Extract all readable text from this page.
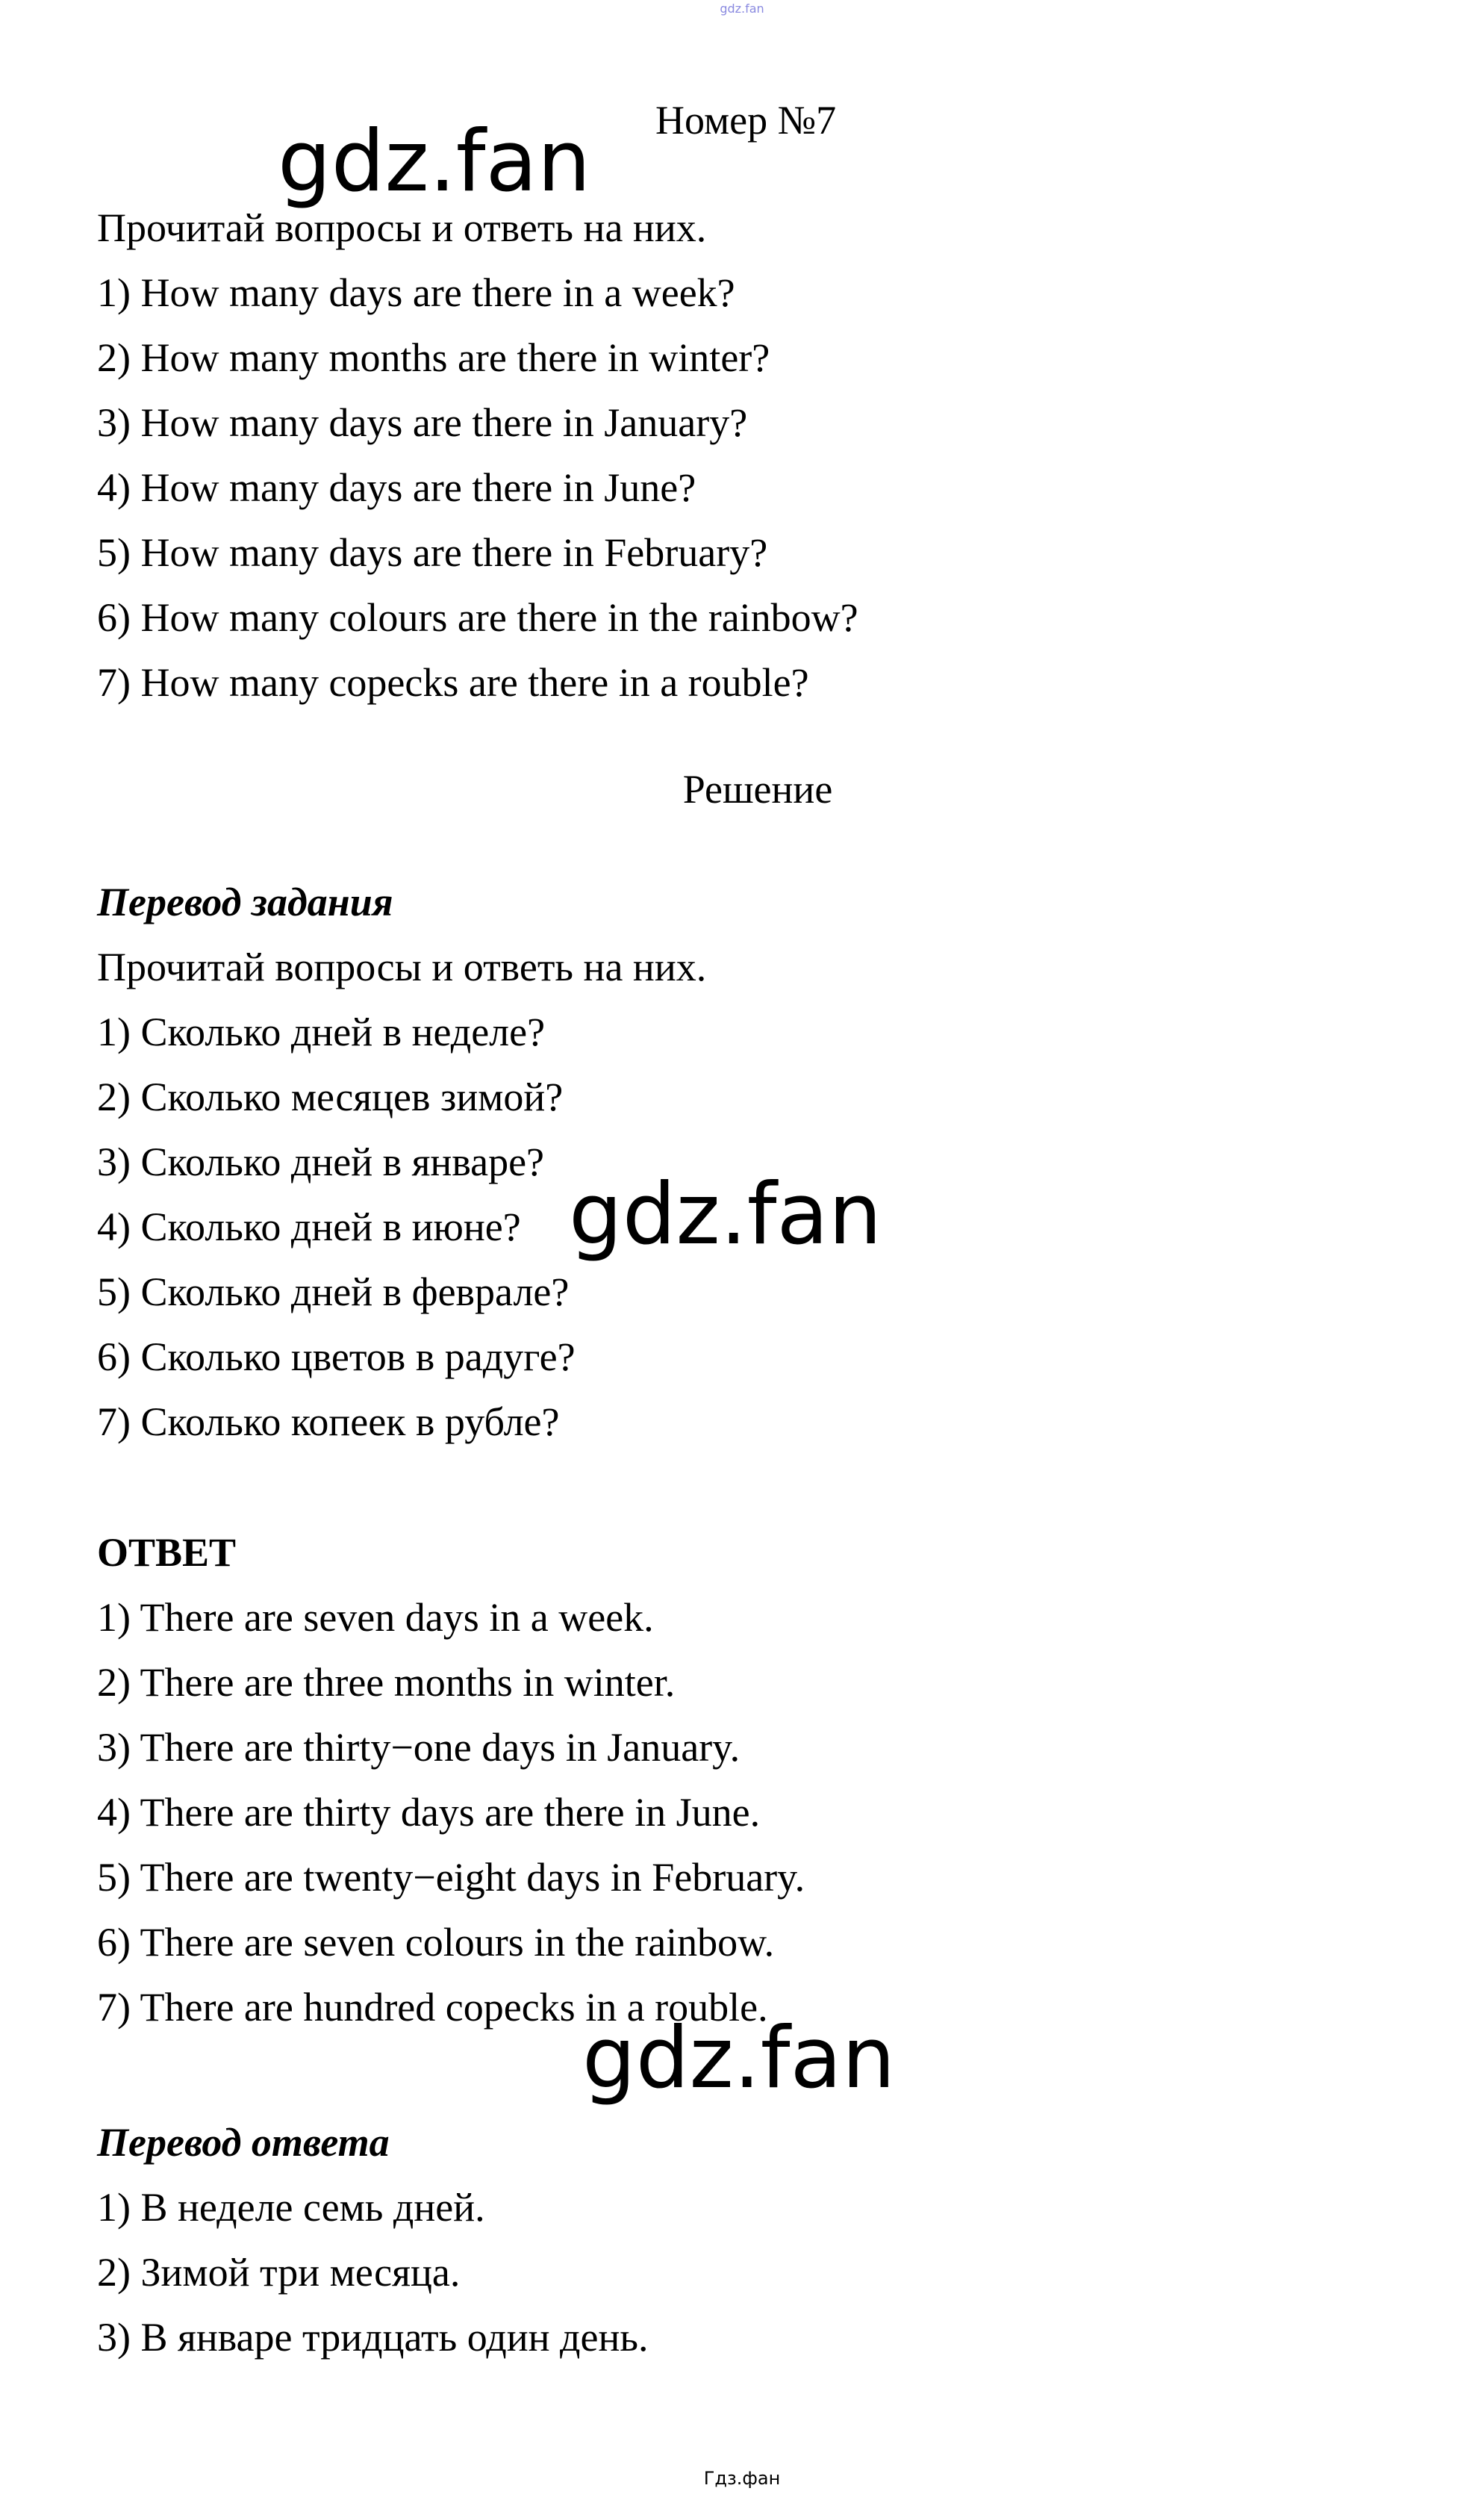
gdz.fan
Номер №7
gdz.fan
gdz.fan
gdz.fan
Прочитай вопросы и ответь на них.
1) How many days are there in a week?
2) How many months are there in winter?
3) How many days are there in January?
4) How many days are there in June?
5) How many days are there in February?
6) How many colours are there in the rainbow?
7) How many copecks are there in a rouble?
Решение
Перевод задания
Прочитай вопросы и ответь на них.
1) Сколько дней в неделе?
2) Сколько месяцев зимой?
3) Сколько дней в январе?
4) Сколько дней в июне?
5) Сколько дней в феврале?
6) Сколько цветов в радуге?
7) Сколько копеек в рубле?
ОТВЕТ
1) There are seven days in a week.
2) There are three months in winter.
3) There are thirty−one days in January.
4) There are thirty days are there in June.
5) There are twenty−eight days in February.
6) There are seven colours in the rainbow.
7) There are hundred copecks in a rouble.
Перевод ответа
1) В неделе семь дней.
2) Зимой три месяца.
3) В январе тридцать один день.
Гдз.фан
